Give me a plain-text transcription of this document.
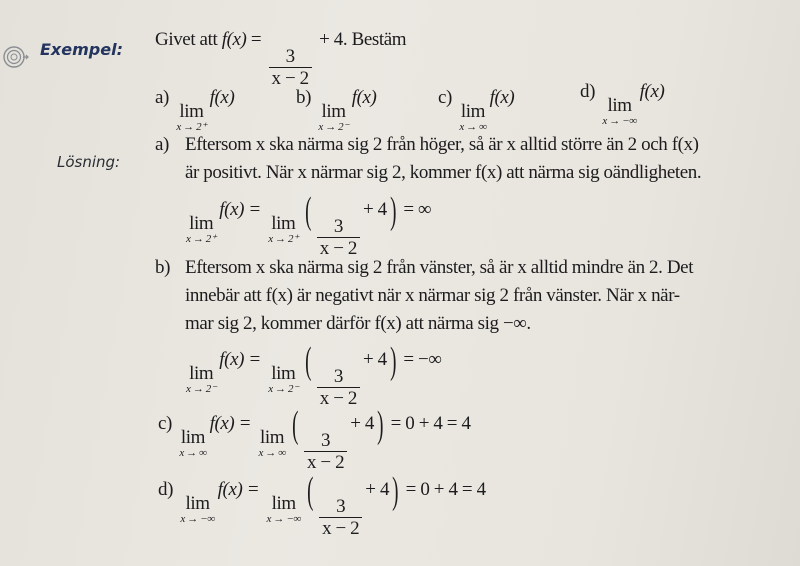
Exempel: Givet att f(x) =
$\frac{3}{x - 2}$
+ 4. Bestäm
a)
lim
x → 2⁺
f(x)	b)
lim
x → 2⁻
f(x)	c)
lim
x → ∞
f(x)	d)
lim
x → −∞
f(x)
Lösning:
a) Eftersom x ska närma sig 2 från höger, så är x alltid större än 2 och f(x)
är positivt. När x närmar sig 2, kommer f(x) att närma sig oändligheten.
lim
x → 2⁺
f(x) =
lim
x → 2⁺
(
$\frac{3}{x - 2}$
+ 4) = ∞
b) Eftersom x ska närma sig 2 från vänster, så är x alltid mindre än 2. Det
innebär att f(x) är negativt när x närmar sig 2 från vänster. När x när-
mar sig 2, kommer därför f(x) att närma sig −∞.
lim
x → 2⁻
f(x) =
lim
x → 2⁻
(
$\frac{3}{x - 2}$
+ 4) = −∞
c)
lim
x → ∞
f(x) =
lim
x → ∞
(
$\frac{3}{x - 2}$
+ 4) = 0 + 4 = 4
d)
lim
x → −∞
f(x) =
lim
x → −∞
(
$\frac{3}{x - 2}$
+ 4) = 0 + 4 = 4
